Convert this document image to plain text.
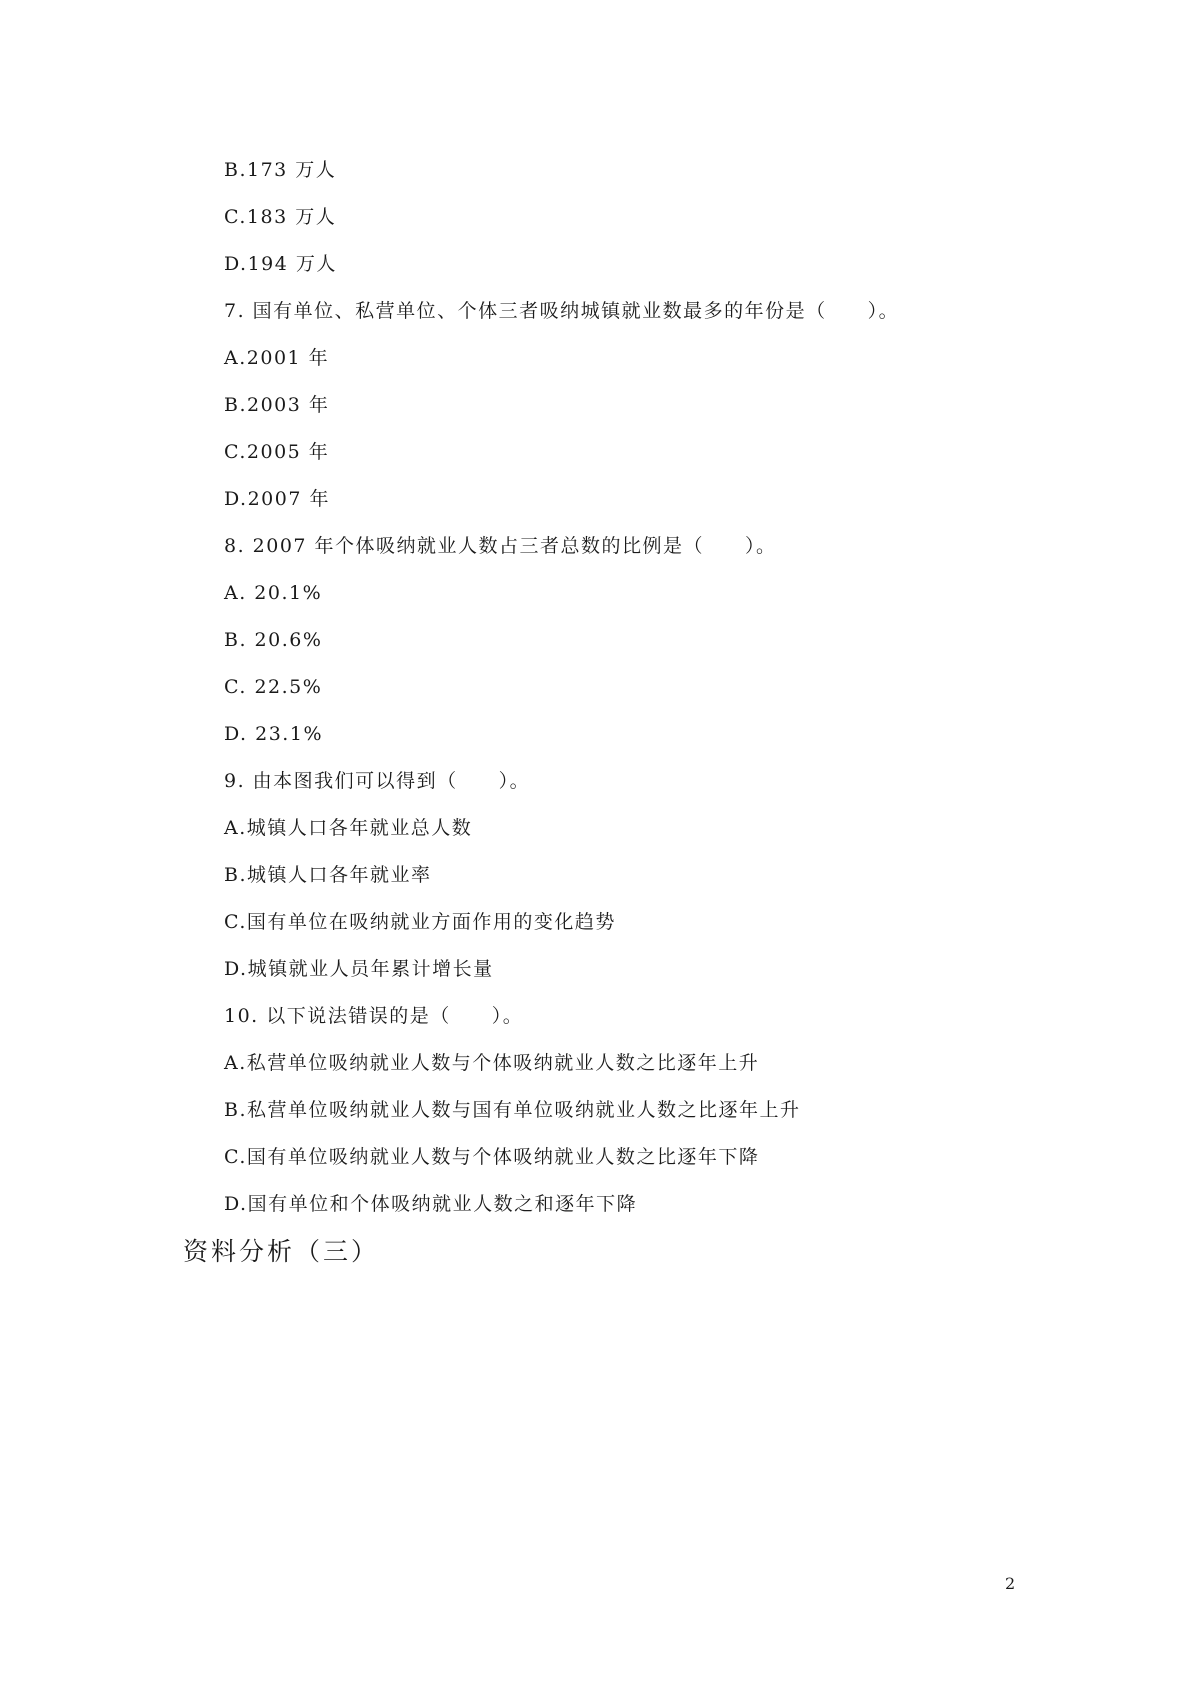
B.173 万人
C.183 万人
D.194 万人
7. 国有单位、私营单位、个体三者吸纳城镇就业数最多的年份是（　　）。
A.2001 年
B.2003 年
C.2005 年
D.2007 年
8. 2007 年个体吸纳就业人数占三者总数的比例是（　　）。
A. 20.1%
B. 20.6%
C. 22.5%
D. 23.1%
9. 由本图我们可以得到（　　）。
A.城镇人口各年就业总人数
B.城镇人口各年就业率
C.国有单位在吸纳就业方面作用的变化趋势
D.城镇就业人员年累计增长量
10. 以下说法错误的是（　　）。
A.私营单位吸纳就业人数与个体吸纳就业人数之比逐年上升
B.私营单位吸纳就业人数与国有单位吸纳就业人数之比逐年上升
C.国有单位吸纳就业人数与个体吸纳就业人数之比逐年下降
D.国有单位和个体吸纳就业人数之和逐年下降
资料分析（三）
2
